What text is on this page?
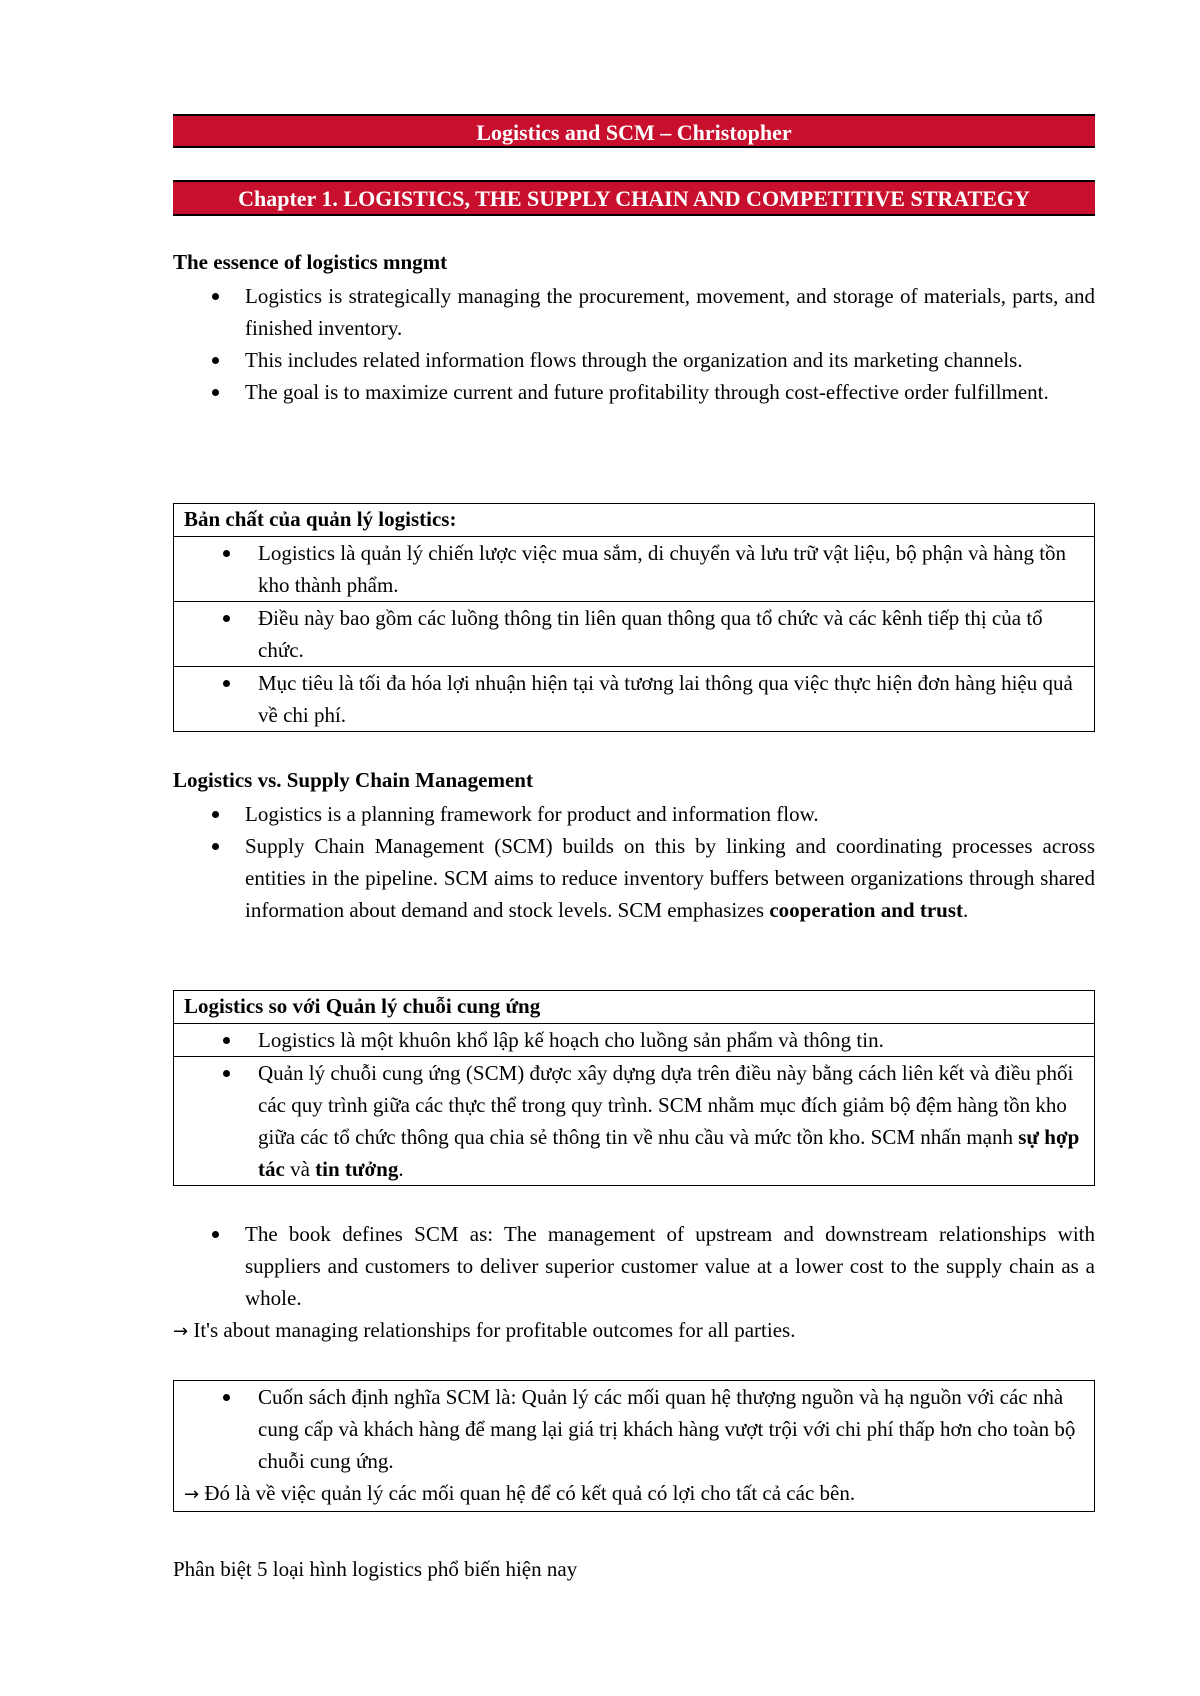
Logistics and SCM – Christopher
Chapter 1. LOGISTICS, THE SUPPLY CHAIN AND COMPETITIVE STRATEGY
The essence of logistics mngmt
Logistics is strategically managing the procurement, movement, and storage of materials, parts, and finished inventory.
This includes related information flows through the organization and its marketing channels.
The goal is to maximize current and future profitability through cost-effective order fulfillment.
Bản chất của quản lý logistics:
Logistics là quản lý chiến lược việc mua sắm, di chuyển và lưu trữ vật liệu, bộ phận và hàng tồn kho thành phẩm.
Điều này bao gồm các luồng thông tin liên quan thông qua tổ chức và các kênh tiếp thị của tổ chức.
Mục tiêu là tối đa hóa lợi nhuận hiện tại và tương lai thông qua việc thực hiện đơn hàng hiệu quả về chi phí.
Logistics vs. Supply Chain Management
Logistics is a planning framework for product and information flow.
Supply Chain Management (SCM) builds on this by linking and coordinating processes across entities in the pipeline. SCM aims to reduce inventory buffers between organizations through shared information about demand and stock levels. SCM emphasizes cooperation and trust.
Logistics so với Quản lý chuỗi cung ứng
Logistics là một khuôn khổ lập kế hoạch cho luồng sản phẩm và thông tin.
Quản lý chuỗi cung ứng (SCM) được xây dựng dựa trên điều này bằng cách liên kết và điều phối các quy trình giữa các thực thể trong quy trình. SCM nhằm mục đích giảm bộ đệm hàng tồn kho giữa các tổ chức thông qua chia sẻ thông tin về nhu cầu và mức tồn kho. SCM nhấn mạnh sự hợp tác và tin tưởng.
The book defines SCM as: The management of upstream and downstream relationships with suppliers and customers to deliver superior customer value at a lower cost to the supply chain as a whole.
→ It's about managing relationships for profitable outcomes for all parties.
Cuốn sách định nghĩa SCM là: Quản lý các mối quan hệ thượng nguồn và hạ nguồn với các nhà cung cấp và khách hàng để mang lại giá trị khách hàng vượt trội với chi phí thấp hơn cho toàn bộ chuỗi cung ứng.
→ Đó là về việc quản lý các mối quan hệ để có kết quả có lợi cho tất cả các bên.
Phân biệt 5 loại hình logistics phổ biến hiện nay
